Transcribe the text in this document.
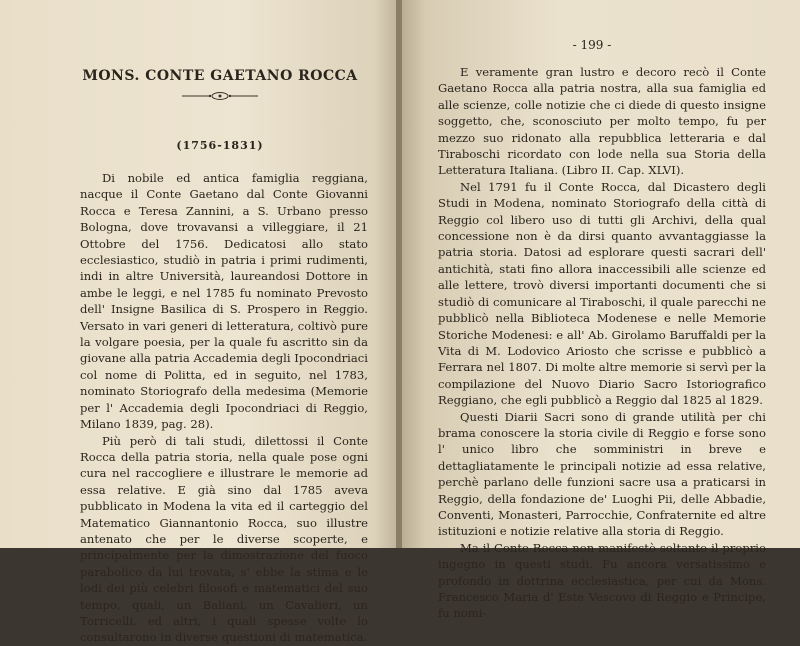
MONS. CONTE GAETANO ROCCA
(1756-1831)

Di nobile ed antica famiglia reggiana, nacque il Conte Gaetano dal Conte Giovanni Rocca e Teresa Zannini, a S. Urbano presso Bologna, dove trovavansi a villeggiare, il 21 Ottobre del 1756. Dedicatosi allo stato ecclesiastico, studiò in patria i primi rudimenti, indi in altre Università, laureandosi Dottore in ambe le leggi, e nel 1785 fu nominato Prevosto dell' Insigne Basilica di S. Prospero in Reggio. Versato in vari generi di letteratura, coltivò pure la volgare poesia, per la quale fu ascritto sin da giovane alla patria Accademia degli Ipocondriaci col nome di Politta, ed in seguito, nel 1783, nominato Storiografo della medesima (Memorie per l' Accademia degli Ipocondriaci di Reggio, Milano 1839, pag. 28).

Più però di tali studi, dilettossi il Conte Rocca della patria storia, nella quale pose ogni cura nel raccogliere e illustrare le memorie ad essa relative. E già sino dal 1785 aveva pubblicato in Modena la vita ed il carteggio del Matematico Giannantonio Rocca, suo illustre antenato che per le diverse scoperte, e principalmente per la dimostrazione del fuoco parabolico da lui trovata, s' ebbe la stima e le lodi dei più celebri filosofi e matematici del suo tempo, quali, un Baliani, un Cavalieri, un Torricelli, ed altri, i quali spesse volte lo consultarono in diverse questioni di matematica.

- 199 -

E veramente gran lustro e decoro recò il Conte Gaetano Rocca alla patria nostra, alla sua famiglia ed alle scienze, colle notizie che ci diede di questo insigne soggetto, che, sconosciuto per molto tempo, fu per mezzo suo ridonato alla repubblica letteraria e dal Tiraboschi ricordato con lode nella sua Storia della Letteratura Italiana. (Libro II. Cap. XLVI).

Nel 1791 fu il Conte Rocca, dal Dicastero degli Studi in Modena, nominato Storiografo della città di Reggio col libero uso di tutti gli Archivi, della qual concessione non è da dirsi quanto avvantaggiasse la patria storia. Datosi ad esplorare questi sacrari dell' antichità, stati fino allora inaccessibili alle scienze ed alle lettere, trovò diversi importanti documenti che si studiò di comunicare al Tiraboschi, il quale parecchi ne pubblicò nella Biblioteca Modenese e nelle Memorie Storiche Modenesi: e all' Ab. Girolamo Baruffaldi per la Vita di M. Lodovico Ariosto che scrisse e pubblicò a Ferrara nel 1807. Di molte altre memorie si servì per la compilazione del Nuovo Diario Sacro Istoriografico Reggiano, che egli pubblicò a Reggio dal 1825 al 1829.

Questi Diarii Sacri sono di grande utilità per chi brama conoscere la storia civile di Reggio e forse sono l' unico libro che somministri in breve e dettagliatamente le principali notizie ad essa relative, perchè parlano delle funzioni sacre usa a praticarsi in Reggio, della fondazione de' Luoghi Pii, delle Abbadie, Conventi, Monasteri, Parrocchie, Confraternite ed altre istituzioni e notizie relative alla storia di Reggio.

Ma il Conte Rocca non manifestò soltanto il proprio ingegno in questi studi. Fu ancora versatissimo e profondo in dottrina ecclesiastica, per cui da Mons. Francesco Maria d' Este Vescovo di Reggio e Principe, fu nomi-
